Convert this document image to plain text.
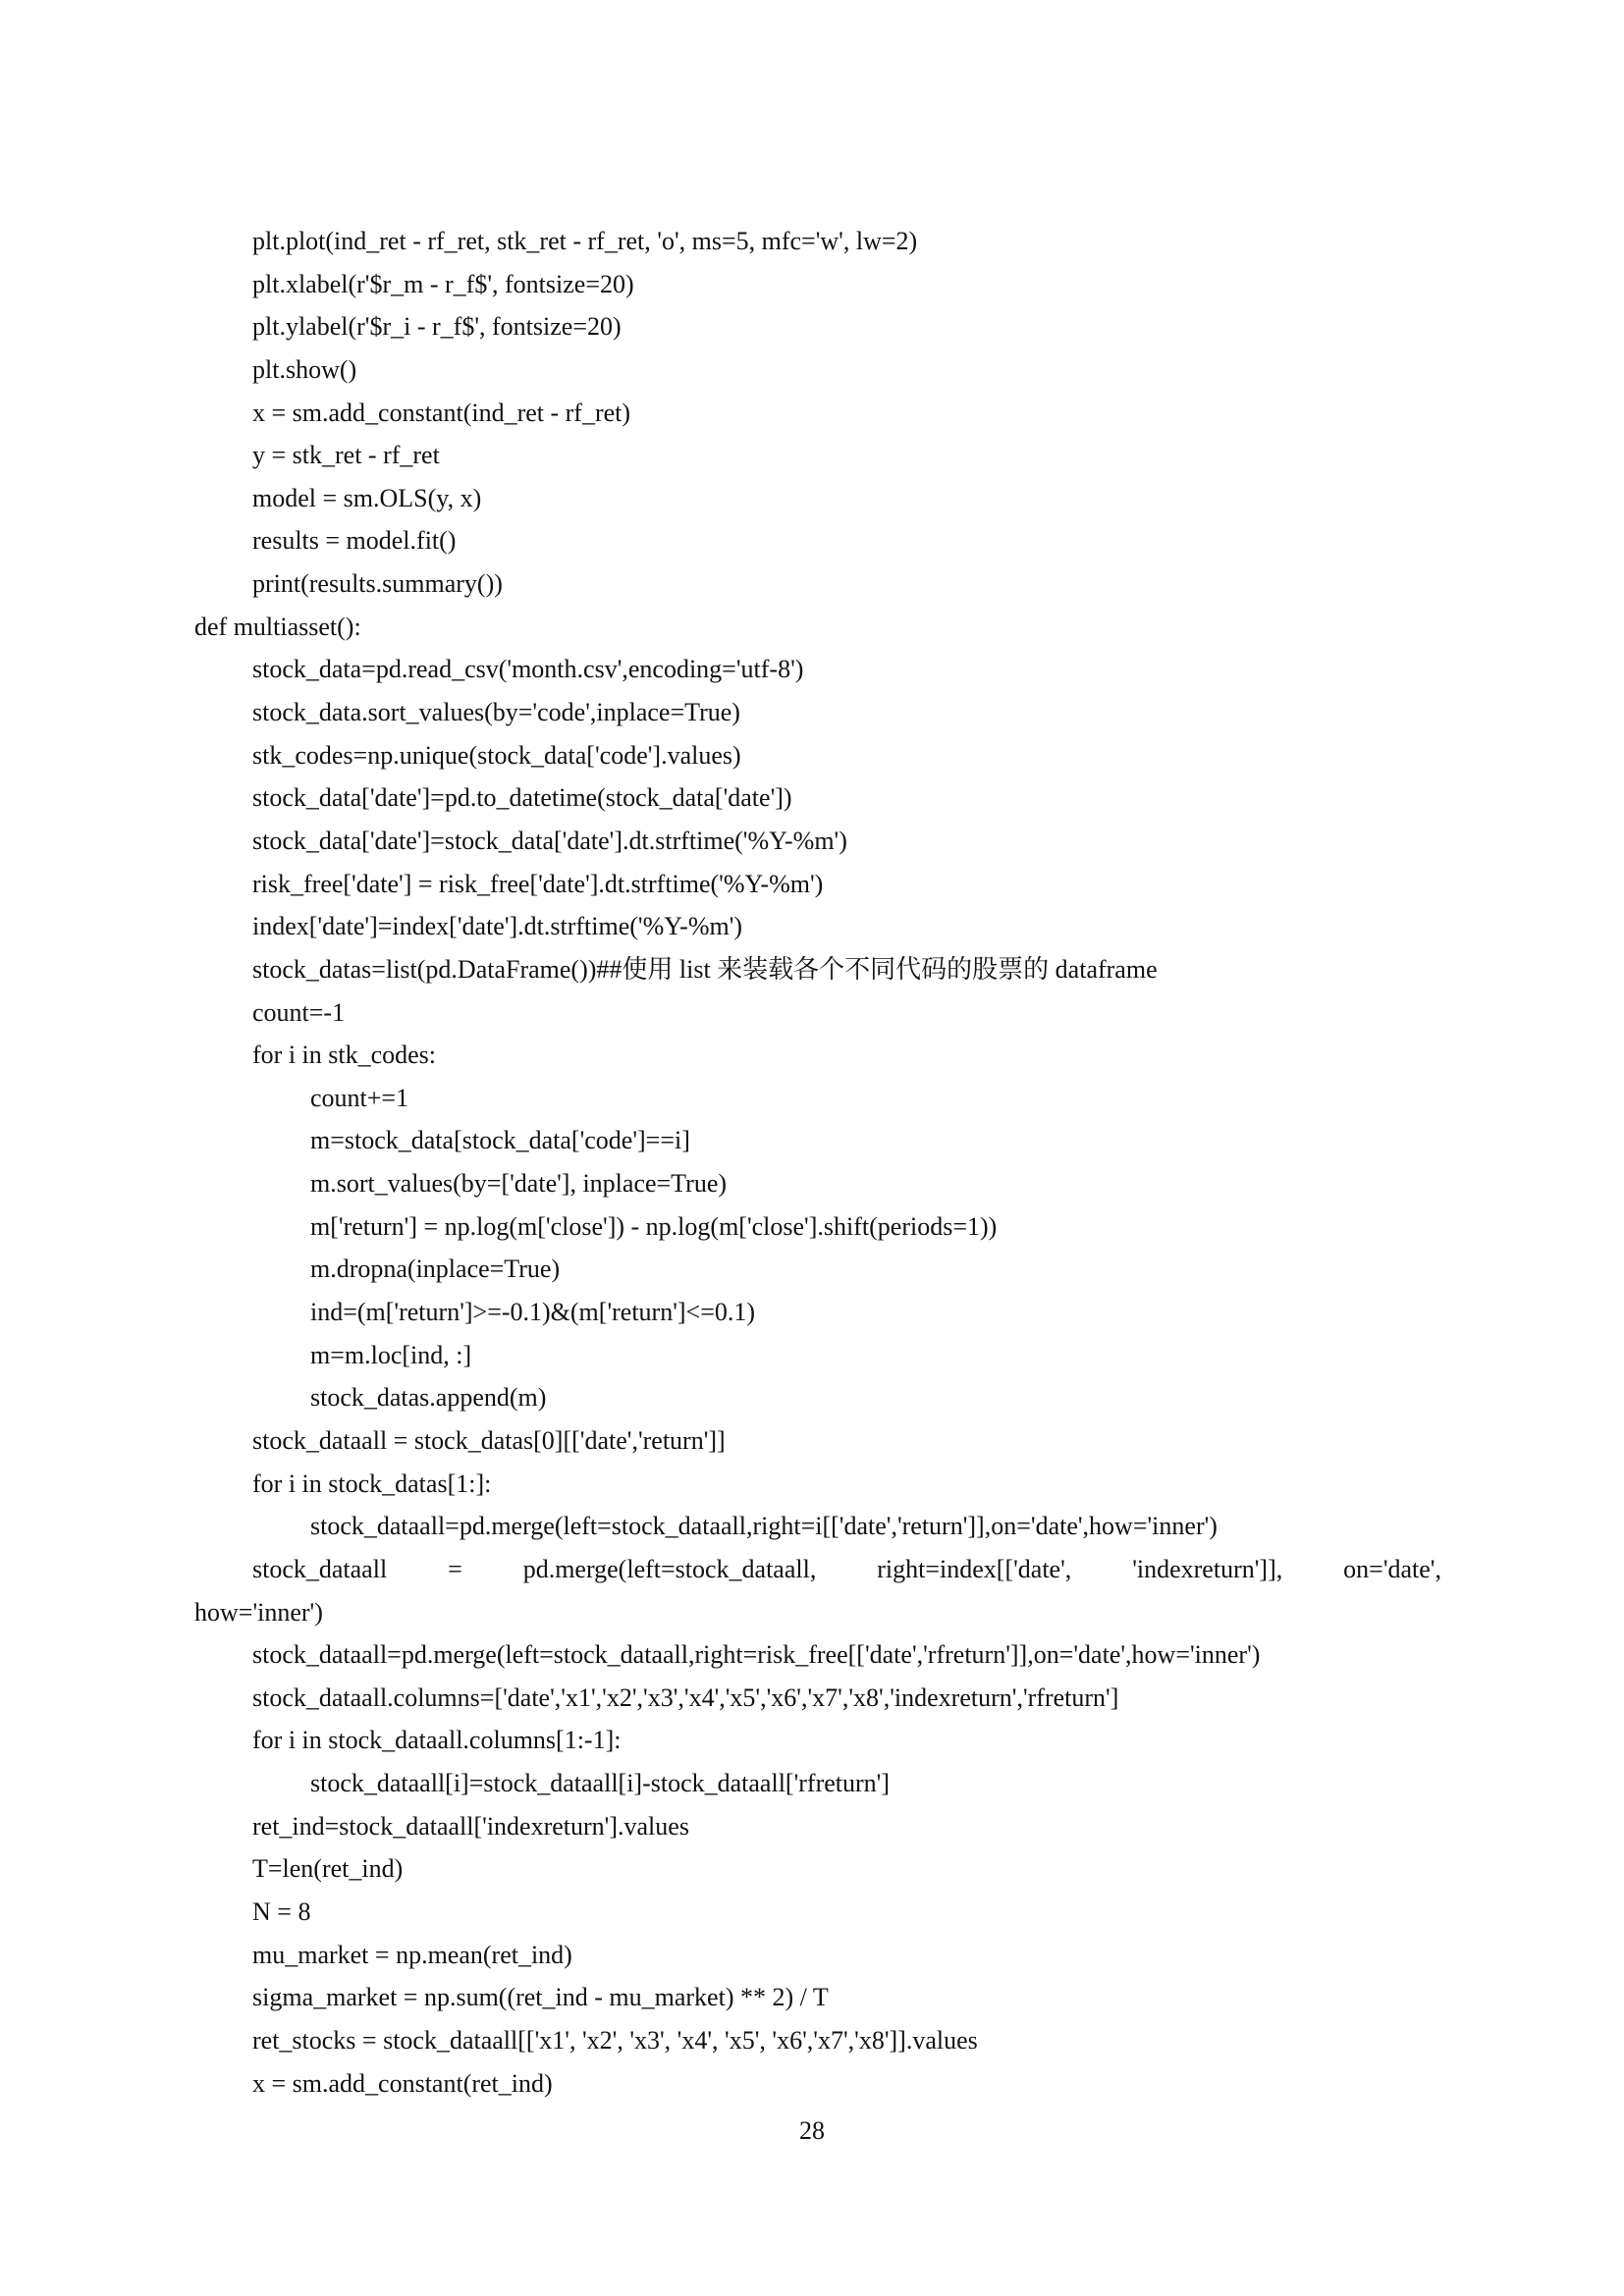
plt.plot(ind_ret - rf_ret, stk_ret - rf_ret, 'o', ms=5, mfc='w', lw=2)
plt.xlabel(r'$r_m - r_f$', fontsize=20)
plt.ylabel(r'$r_i - r_f$', fontsize=20)
plt.show()
x = sm.add_constant(ind_ret - rf_ret)
y = stk_ret - rf_ret
model = sm.OLS(y, x)
results = model.fit()
print(results.summary())
def multiasset():
stock_data=pd.read_csv('month.csv',encoding='utf-8')
stock_data.sort_values(by='code',inplace=True)
stk_codes=np.unique(stock_data['code'].values)
stock_data['date']=pd.to_datetime(stock_data['date'])
stock_data['date']=stock_data['date'].dt.strftime('%Y-%m')
risk_free['date'] = risk_free['date'].dt.strftime('%Y-%m')
index['date']=index['date'].dt.strftime('%Y-%m')
stock_datas=list(pd.DataFrame())##使用 list 来装载各个不同代码的股票的 dataframe
count=-1
for i in stk_codes:
count+=1
m=stock_data[stock_data['code']==i]
m.sort_values(by=['date'], inplace=True)
m['return'] = np.log(m['close']) - np.log(m['close'].shift(periods=1))
m.dropna(inplace=True)
ind=(m['return']>=-0.1)&(m['return']<=0.1)
m=m.loc[ind, :]
stock_datas.append(m)
stock_dataall = stock_datas[0][['date','return']]
for i in stock_datas[1:]:
stock_dataall=pd.merge(left=stock_dataall,right=i[['date','return']],on='date',how='inner')
stock_dataall = pd.merge(left=stock_dataall, right=index[['date', 'indexreturn']], on='date',
how='inner')
stock_dataall=pd.merge(left=stock_dataall,right=risk_free[['date','rfreturn']],on='date',how='inner')
stock_dataall.columns=['date','x1','x2','x3','x4','x5','x6','x7','x8','indexreturn','rfreturn']
for i in stock_dataall.columns[1:-1]:
stock_dataall[i]=stock_dataall[i]-stock_dataall['rfreturn']
ret_ind=stock_dataall['indexreturn'].values
T=len(ret_ind)
N = 8
mu_market = np.mean(ret_ind)
sigma_market = np.sum((ret_ind - mu_market) ** 2) / T
ret_stocks = stock_dataall[['x1', 'x2', 'x3', 'x4', 'x5', 'x6','x7','x8']].values
x = sm.add_constant(ret_ind)
28
